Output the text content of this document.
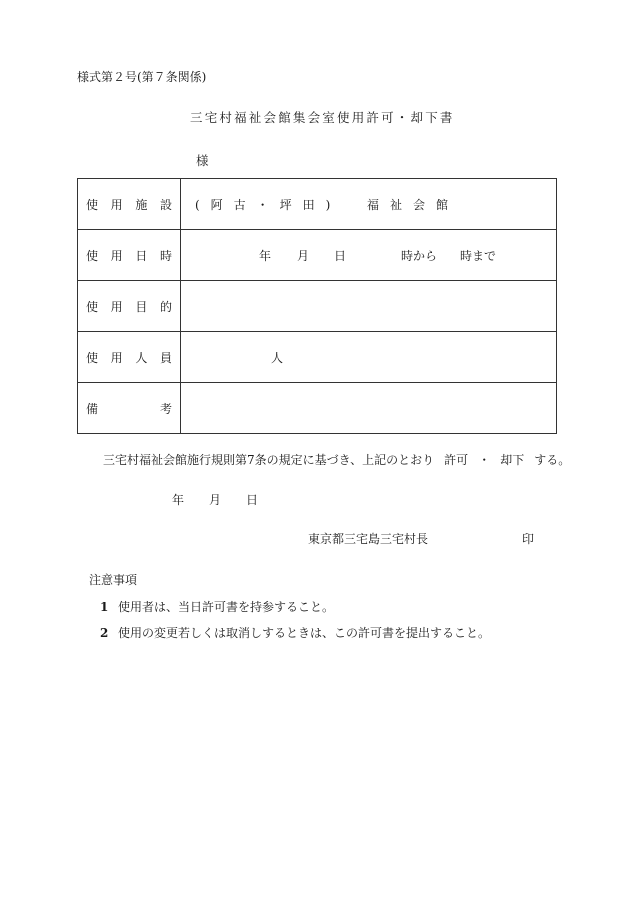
様式第２号(第７条関係)
三宅村福祉会館集会室使用許可・却下書
様
使用施設	(阿古・坪田) 福祉会館

使用日時	年 月 日 時から 時まで

使用目的	
使用人員	人

備考	
三宅村福祉会館施行規則第7条の規定に基づき、上記のとおり 許可 ・ 却下 する。
年 月 日
東京都三宅島三宅村長	印
注意事項
1 使用者は、当日許可書を持参すること。
2 使用の変更若しくは取消しするときは、この許可書を提出すること。
